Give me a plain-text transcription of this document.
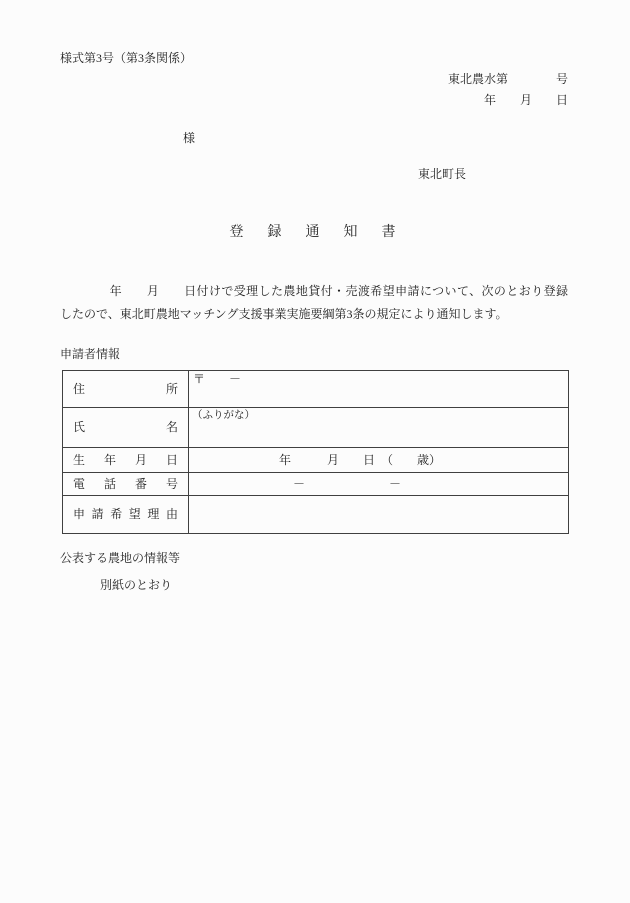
様式第3号（第3条関係）
東北農水第　　　　号
年　　月　　日
様
東北町長
登　録　通　知　書

　　　　年　　月　　日付けで受理した農地貸付・売渡希望申請について、次のとおり登録

したので、東北町農地マッチング支援事業実施要綱第3条の規定により通知します。

申請者情報
住所	〒　　－
氏名	（ふりがな）
生年月日	年　　　月　　日　（　　歳）
電話番号	－　　　　　　　－
申請希望理由	
公表する農地の情報等
別紙のとおり
